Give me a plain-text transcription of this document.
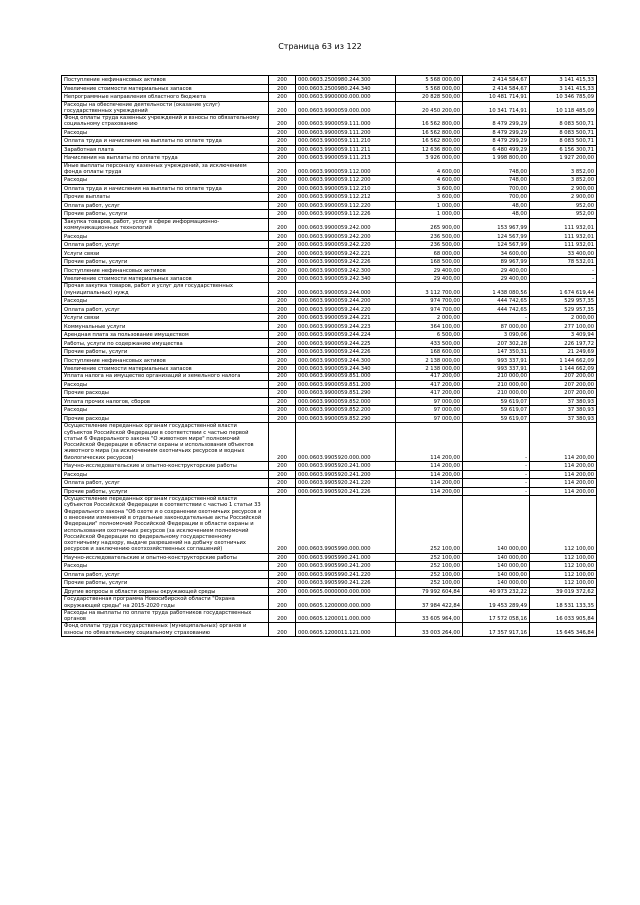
Страница 63 из 122
Поступление нефинансовых активов	200	000.0603.2500980.244.300	5 568 000,00	2 414 584,67	3 141 415,33
Увеличение стоимости материальных запасов	200	000.0603.2500980.244.340	5 568 000,00	2 414 584,67	3 141 415,33
Непрограммные направления областного бюджета	200	000.0603.9900000.000.000	20 828 500,00	10 481 714,91	10 346 785,09
Расходы на обеспечение деятельности (оказание услуг) государственных учреждений	200	000.0603.9900059.000.000	20 450 200,00	10 341 714,91	10 118 485,09
Фонд оплаты труда казенных учреждений и взносы по обязательному социальному страхованию	200	000.0603.9900059.111.000	16 562 800,00	8 479 299,29	8 083 500,71
Расходы	200	000.0603.9900059.111.200	16 562 800,00	8 479 299,29	8 083 500,71
Оплата труда и начисления на выплаты по оплате труда	200	000.0603.9900059.111.210	16 562 800,00	8 479 299,29	8 083 500,71
Заработная плата	200	000.0603.9900059.111.211	12 636 800,00	6 480 499,29	6 156 300,71
Начисления на выплаты по оплате труда	200	000.0603.9900059.111.213	3 926 000,00	1 998 800,00	1 927 200,00
Иные выплаты персоналу казенных учреждений, за исключением фонда оплаты труда	200	000.0603.9900059.112.000	4 600,00	748,00	3 852,00
Расходы	200	000.0603.9900059.112.200	4 600,00	748,00	3 852,00
Оплата труда и начисления на выплаты по оплате труда	200	000.0603.9900059.112.210	3 600,00	700,00	2 900,00
Прочие выплаты	200	000.0603.9900059.112.212	3 600,00	700,00	2 900,00
Оплата работ, услуг	200	000.0603.9900059.112.220	1 000,00	48,00	952,00
Прочие работы, услуги	200	000.0603.9900059.112.226	1 000,00	48,00	952,00
Закупка товаров, работ, услуг в сфере информационно-коммуникационных технологий	200	000.0603.9900059.242.000	265 900,00	153 967,99	111 932,01
Расходы	200	000.0603.9900059.242.200	236 500,00	124 567,99	111 932,01
Оплата работ, услуг	200	000.0603.9900059.242.220	236 500,00	124 567,99	111 932,01
Услуги связи	200	000.0603.9900059.242.221	68 000,00	34 600,00	33 400,00
Прочие работы, услуги	200	000.0603.9900059.242.226	168 500,00	89 967,99	78 532,01
Поступление нефинансовых активов	200	000.0603.9900059.242.300	29 400,00	29 400,00	-
Увеличение стоимости материальных запасов	200	000.0603.9900059.242.340	29 400,00	29 400,00	-
Прочая закупка товаров, работ и услуг для государственных (муниципальных) нужд	200	000.0603.9900059.244.000	3 112 700,00	1 438 080,56	1 674 619,44
Расходы	200	000.0603.9900059.244.200	974 700,00	444 742,65	529 957,35
Оплата работ, услуг	200	000.0603.9900059.244.220	974 700,00	444 742,65	529 957,35
Услуги связи	200	000.0603.9900059.244.221	2 000,00	-	2 000,00
Коммунальные услуги	200	000.0603.9900059.244.223	364 100,00	87 000,00	277 100,00
Арендная плата за пользование имуществом	200	000.0603.9900059.244.224	6 500,00	3 090,06	3 409,94
Работы, услуги по содержанию имущества	200	000.0603.9900059.244.225	433 500,00	207 302,28	226 197,72
Прочие работы, услуги	200	000.0603.9900059.244.226	168 600,00	147 350,31	21 249,69
Поступление нефинансовых активов	200	000.0603.9900059.244.300	2 138 000,00	993 337,91	1 144 662,09
Увеличение стоимости материальных запасов	200	000.0603.9900059.244.340	2 138 000,00	993 337,91	1 144 662,09
Уплата налога на имущество организаций и земельного налога	200	000.0603.9900059.851.000	417 200,00	210 000,00	207 200,00
Расходы	200	000.0603.9900059.851.200	417 200,00	210 000,00	207 200,00
Прочие расходы	200	000.0603.9900059.851.290	417 200,00	210 000,00	207 200,00
Уплата прочих налогов, сборов	200	000.0603.9900059.852.000	97 000,00	59 619,07	37 380,93
Расходы	200	000.0603.9900059.852.200	97 000,00	59 619,07	37 380,93
Прочие расходы	200	000.0603.9900059.852.290	97 000,00	59 619,07	37 380,93
Осуществление переданных органам государственной власти субъектов Российской Федерации в соответствии с частью первой статьи 6 Федерального закона "О животном мире" полномочий Российской Федерации в области охраны и использования объектов животного мира (за исключением охотничьих ресурсов и водных биологических ресурсов)	200	000.0603.9905920.000.000	114 200,00	-	114 200,00
Научно-исследовательские и опытно-конструкторские работы	200	000.0603.9905920.241.000	114 200,00	-	114 200,00
Расходы	200	000.0603.9905920.241.200	114 200,00	-	114 200,00
Оплата работ, услуг	200	000.0603.9905920.241.220	114 200,00	-	114 200,00
Прочие работы, услуги	200	000.0603.9905920.241.226	114 200,00	-	114 200,00
Осуществление переданных органам государственной власти субъектов Российской Федерации в соответствии с частью 1 статьи 33 Федерального закона "Об охоте и о сохранении охотничьих ресурсов и о внесении изменений в отдельные законодательные акты Российской Федерации" полномочий Российской Федерации в области охраны и использования охотничьих ресурсов (за исключением полномочий Российской Федерации по федеральному государственному охотничьему надзору, выдаче разрешений на добычу охотничьих ресурсов и заключению охотхозяйственных соглашений)	200	000.0603.9905990.000.000	252 100,00	140 000,00	112 100,00
Научно-исследовательские и опытно-конструкторские работы	200	000.0603.9905990.241.000	252 100,00	140 000,00	112 100,00
Расходы	200	000.0603.9905990.241.200	252 100,00	140 000,00	112 100,00
Оплата работ, услуг	200	000.0603.9905990.241.220	252 100,00	140 000,00	112 100,00
Прочие работы, услуги	200	000.0603.9905990.241.226	252 100,00	140 000,00	112 100,00
Другие вопросы в области охраны окружающей среды	200	000.0605.0000000.000.000	79 992 604,84	40 973 232,22	39 019 372,62
Государственная программа Новосибирской области "Охрана окружающей среды" на 2015-2020 годы	200	000.0605.1200000.000.000	37 984 422,84	19 453 289,49	18 531 133,35
Расходы на выплаты по оплате труда работников государственных органов	200	000.0605.1200011.000.000	33 605 964,00	17 572 058,16	16 033 905,84
Фонд оплаты труда государственных (муниципальных) органов и взносы по обязательному социальному страхованию	200	000.0605.1200011.121.000	33 003 264,00	17 357 917,16	15 645 346,84
